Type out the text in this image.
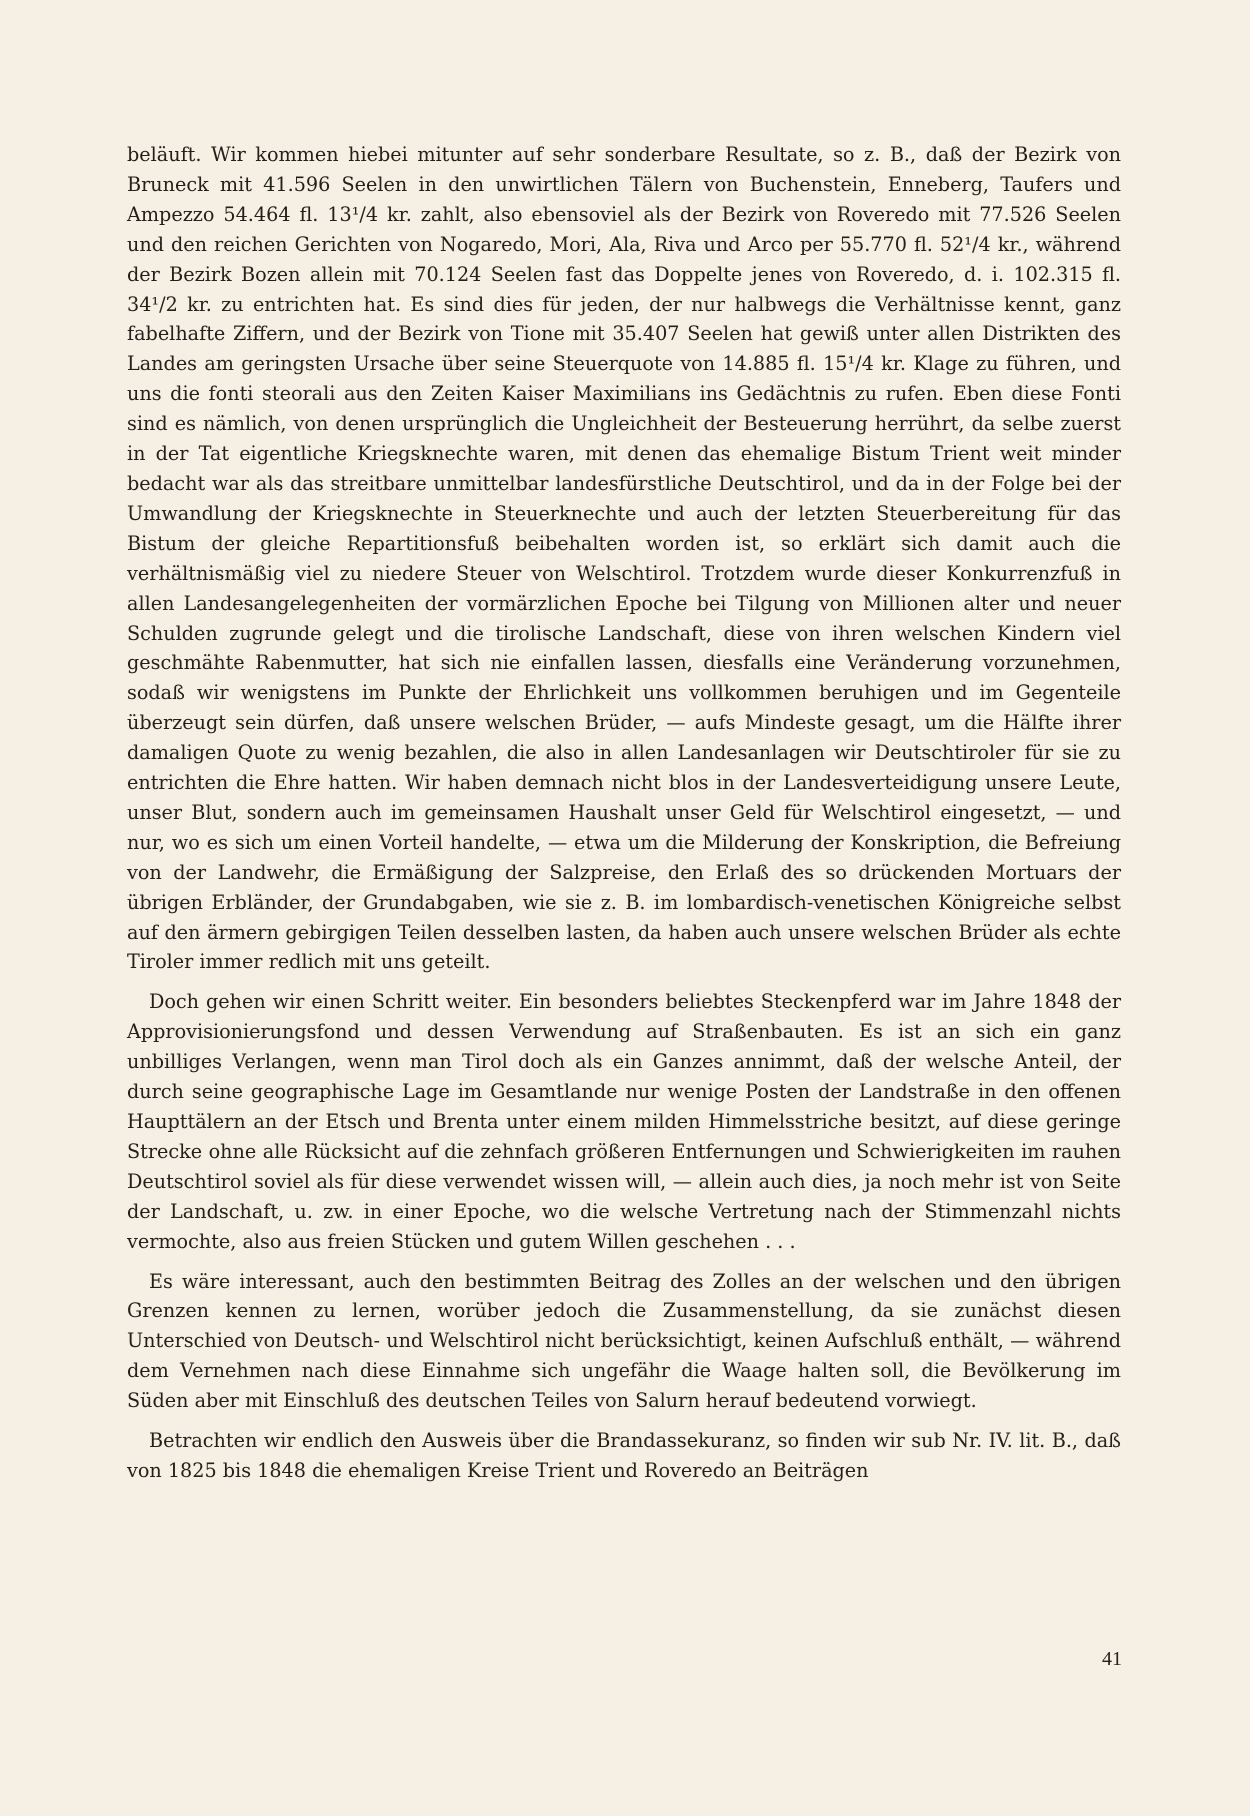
beläuft. Wir kommen hiebei mitunter auf sehr sonderbare Resultate, so z. B., daß der Bezirk von Bruneck mit 41.596 Seelen in den unwirtlichen Tälern von Buchenstein, Enneberg, Taufers und Ampezzo 54.464 fl. 13¹/4 kr. zahlt, also ebensoviel als der Bezirk von Roveredo mit 77.526 Seelen und den reichen Gerichten von Nogaredo, Mori, Ala, Riva und Arco per 55.770 fl. 52¹/4 kr., während der Bezirk Bozen allein mit 70.124 Seelen fast das Doppelte jenes von Roveredo, d. i. 102.315 fl. 34¹/2 kr. zu entrichten hat. Es sind dies für jeden, der nur halbwegs die Verhältnisse kennt, ganz fabelhafte Ziffern, und der Bezirk von Tione mit 35.407 Seelen hat gewiß unter allen Distrikten des Landes am geringsten Ursache über seine Steuerquote von 14.885 fl. 15¹/4 kr. Klage zu führen, und uns die fonti steorali aus den Zeiten Kaiser Maximilians ins Gedächtnis zu rufen. Eben diese Fonti sind es nämlich, von denen ursprünglich die Ungleichheit der Besteuerung herrührt, da selbe zuerst in der Tat eigentliche Kriegsknechte waren, mit denen das ehemalige Bistum Trient weit minder bedacht war als das streitbare unmittelbar landesfürstliche Deutschtirol, und da in der Folge bei der Umwandlung der Kriegsknechte in Steuerknechte und auch der letzten Steuerbereitung für das Bistum der gleiche Repartitionsfuß beibehalten worden ist, so erklärt sich damit auch die verhältnismäßig viel zu niedere Steuer von Welschtirol. Trotzdem wurde dieser Konkurrenzfuß in allen Landesangelegenheiten der vormärzlichen Epoche bei Tilgung von Millionen alter und neuer Schulden zugrunde gelegt und die tirolische Landschaft, diese von ihren welschen Kindern viel geschmähte Rabenmutter, hat sich nie einfallen lassen, diesfalls eine Veränderung vorzunehmen, sodaß wir wenigstens im Punkte der Ehrlichkeit uns vollkommen beruhigen und im Gegenteile überzeugt sein dürfen, daß unsere welschen Brüder, — aufs Mindeste gesagt, um die Hälfte ihrer damaligen Quote zu wenig bezahlen, die also in allen Landesanlagen wir Deutschtiroler für sie zu entrichten die Ehre hatten. Wir haben demnach nicht blos in der Landesverteidigung unsere Leute, unser Blut, sondern auch im gemeinsamen Haushalt unser Geld für Welschtirol eingesetzt, — und nur, wo es sich um einen Vorteil handelte, — etwa um die Milderung der Konskription, die Befreiung von der Landwehr, die Ermäßigung der Salzpreise, den Erlaß des so drückenden Mortuars der übrigen Erbländer, der Grundabgaben, wie sie z. B. im lombardisch-venetischen Königreiche selbst auf den ärmern gebirgigen Teilen desselben lasten, da haben auch unsere welschen Brüder als echte Tiroler immer redlich mit uns geteilt.

Doch gehen wir einen Schritt weiter. Ein besonders beliebtes Steckenpferd war im Jahre 1848 der Approvisionierungsfond und dessen Verwendung auf Straßenbauten. Es ist an sich ein ganz unbilliges Verlangen, wenn man Tirol doch als ein Ganzes annimmt, daß der welsche Anteil, der durch seine geographische Lage im Gesamtlande nur wenige Posten der Landstraße in den offenen Haupttälern an der Etsch und Brenta unter einem milden Himmelsstriche besitzt, auf diese geringe Strecke ohne alle Rücksicht auf die zehnfach größeren Entfernungen und Schwierigkeiten im rauhen Deutschtirol soviel als für diese verwendet wissen will, — allein auch dies, ja noch mehr ist von Seite der Landschaft, u. zw. in einer Epoche, wo die welsche Vertretung nach der Stimmenzahl nichts vermochte, also aus freien Stücken und gutem Willen geschehen . . .

Es wäre interessant, auch den bestimmten Beitrag des Zolles an der welschen und den übrigen Grenzen kennen zu lernen, worüber jedoch die Zusammenstellung, da sie zunächst diesen Unterschied von Deutsch- und Welschtirol nicht berücksichtigt, keinen Aufschluß enthält, — während dem Vernehmen nach diese Einnahme sich ungefähr die Waage halten soll, die Bevölkerung im Süden aber mit Einschluß des deutschen Teiles von Salurn herauf bedeutend vorwiegt.

Betrachten wir endlich den Ausweis über die Brandassekuranz, so finden wir sub Nr. IV. lit. B., daß von 1825 bis 1848 die ehemaligen Kreise Trient und Roveredo an Beiträgen

41
